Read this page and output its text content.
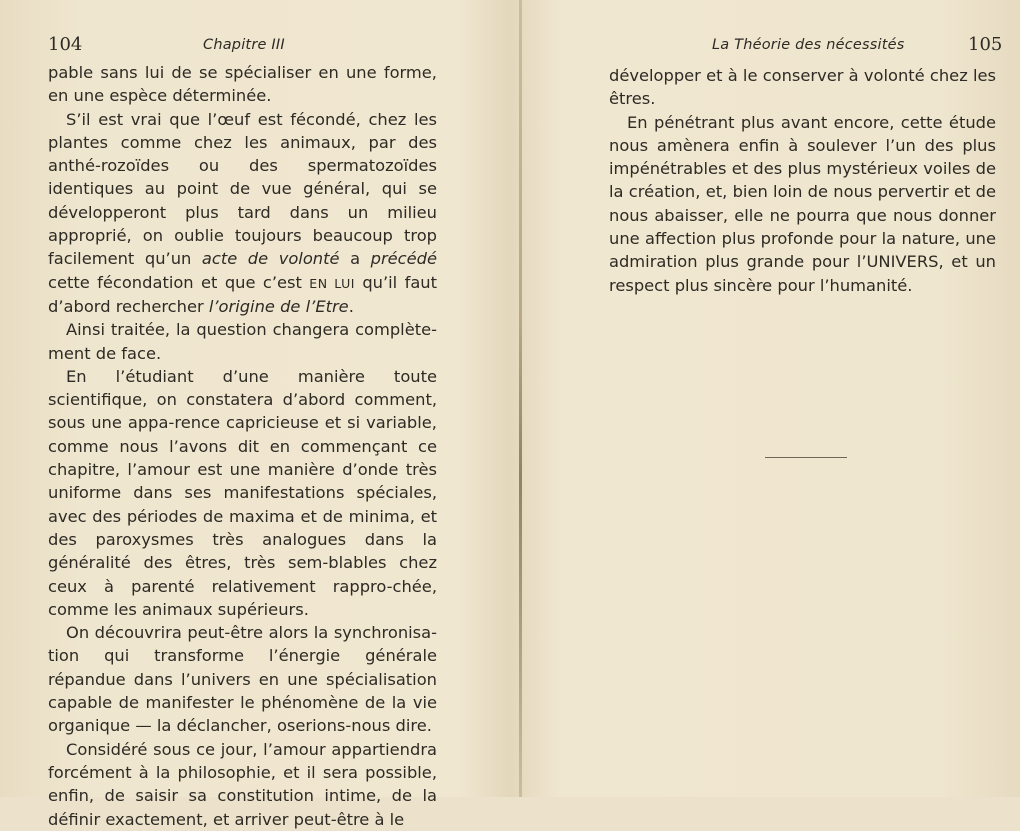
104	Chapitre III

pable sans lui de se spécialiser en une forme, en une espèce déterminée.

S’il est vrai que l’œuf est fécondé, chez les plantes comme chez les animaux, par des anthé-rozoïdes ou des spermatozoïdes identiques au point de vue général, qui se développeront plus tard dans un milieu approprié, on oublie toujours beaucoup trop facilement qu’un acte de volonté a précédé cette fécondation et que c’est EN LUI qu’il faut d’abord rechercher l’origine de l’Etre.

Ainsi traitée, la question changera complète-ment de face.

En l’étudiant d’une manière toute scientifique, on constatera d’abord comment, sous une appa-rence capricieuse et si variable, comme nous l’avons dit en commençant ce chapitre, l’amour est une manière d’onde très uniforme dans ses manifestations spéciales, avec des périodes de maxima et de minima, et des paroxysmes très analogues dans la généralité des êtres, très sem-blables chez ceux à parenté relativement rappro-chée, comme les animaux supérieurs.

On découvrira peut-être alors la synchronisa-tion qui transforme l’énergie générale répandue dans l’univers en une spécialisation capable de manifester le phénomène de la vie organique — la déclancher, oserions-nous dire.

Considéré sous ce jour, l’amour appartiendra forcément à la philosophie, et il sera possible, enfin, de saisir sa constitution intime, de la définir exactement, et arriver peut-être à le

La Théorie des nécessités	105

développer et à le conserver à volonté chez les êtres.

En pénétrant plus avant encore, cette étude nous amènera enfin à soulever l’un des plus impénétrables et des plus mystérieux voiles de la création, et, bien loin de nous pervertir et de nous abaisser, elle ne pourra que nous donner une affection plus profonde pour la nature, une admiration plus grande pour l’UNIVERS, et un respect plus sincère pour l’humanité.
